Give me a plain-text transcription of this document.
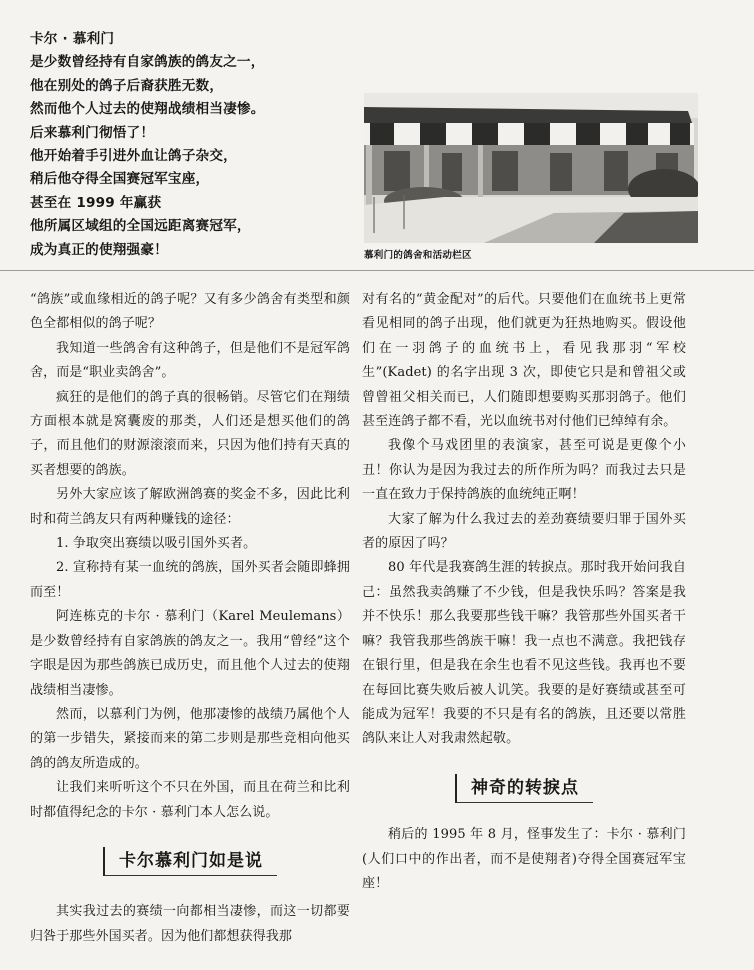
卡尔 · 慕利门
是少数曾经持有自家鸽族的鸽友之一，
他在别处的鸽子后裔获胜无数，
然而他个人过去的使翔战绩相当凄惨。
后来慕利门彻悟了！
他开始着手引进外血让鸽子杂交，
稍后他夺得全国赛冠军宝座，
甚至在 1999 年赢获
他所属区域组的全国远距离赛冠军，
成为真正的使翔强豪！	慕利门的鸽舍和活动栏区

“鸽族”或血缘相近的鸽子呢？又有多少鸽舍有类型和颜色全都相似的鸽子呢？

我知道一些鸽舍有这种鸽子，但是他们不是冠军鸽舍，而是“职业卖鸽舍”。

疯狂的是他们的鸽子真的很畅销。尽管它们在翔绩方面根本就是窝囊废的那类，人们还是想买他们的鸽子，而且他们的财源滚滚而来，只因为他们持有天真的买者想要的鸽族。

另外大家应该了解欧洲鸽赛的奖金不多，因此比利时和荷兰鸽友只有两种赚钱的途径：

1. 争取突出赛绩以吸引国外买者。

2. 宣称持有某一血统的鸽族，国外买者会随即蜂拥而至！

阿连栋克的卡尔 · 慕利门（Karel Meulemans）是少数曾经持有自家鸽族的鸽友之一。我用“曾经”这个字眼是因为那些鸽族已成历史，而且他个人过去的使翔战绩相当凄惨。

然而，以慕利门为例，他那凄惨的战绩乃属他个人的第一步错失，紧接而来的第二步则是那些竞相向他买鸽的鸽友所造成的。

让我们来听听这个不只在外国，而且在荷兰和比利时都值得纪念的卡尔 · 慕利门本人怎么说。

卡尔慕利门如是说

其实我过去的赛绩一向都相当凄惨，而这一切都要归咎于那些外国买者。因为他们都想获得我那

对有名的“黄金配对”的后代。只要他们在血统书上更常看见相同的鸽子出现，他们就更为狂热地购买。假设他们在一羽鸽子的血统书上，看见我那羽“军校生”(Kadet) 的名字出现 3 次，即使它只是和曾祖父或曾曾祖父相关而已，人们随即想要购买那羽鸽子。他们甚至连鸽子都不看，光以血统书对付他们已绰绰有余。

我像个马戏团里的表演家，甚至可说是更像个小丑！你认为是因为我过去的所作所为吗？而我过去只是一直在致力于保持鸽族的血统纯正啊！

大家了解为什么我过去的差劲赛绩要归罪于国外买者的原因了吗？

80 年代是我赛鸽生涯的转捩点。那时我开始问我自己：虽然我卖鸽赚了不少钱，但是我快乐吗？答案是我并不快乐！那么我要那些钱干嘛？我管那些外国买者干嘛？我管我那些鸽族干嘛！我一点也不满意。我把钱存在银行里，但是我在余生也看不见这些钱。我再也不要在每回比赛失败后被人讥笑。我要的是好赛绩或甚至可能成为冠军！我要的不只是有名的鸽族，且还要以常胜鸽队来让人对我肃然起敬。

神奇的转捩点

稍后的 1995 年 8 月，怪事发生了：卡尔 · 慕利门(人们口中的作出者，而不是使翔者)夺得全国赛冠军宝座！
